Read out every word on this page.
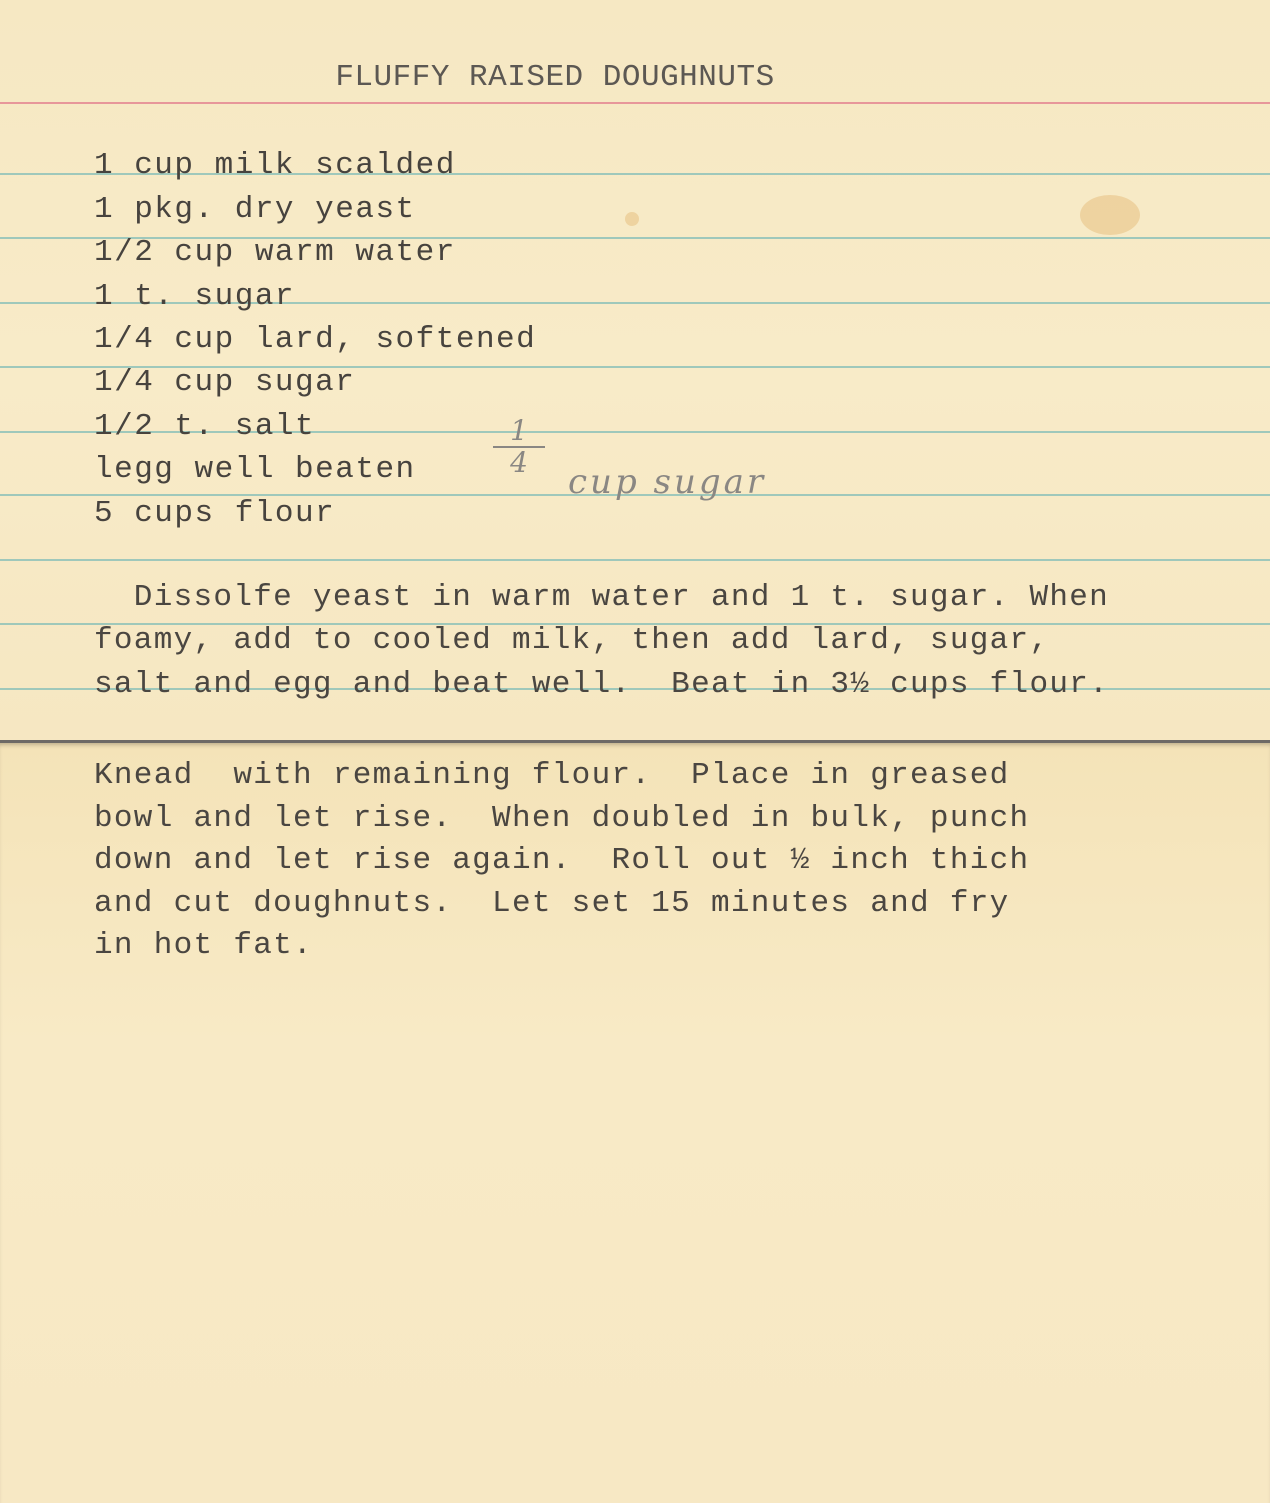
FLUFFY RAISED DOUGHNUTS
1 cup milk scalded
1 pkg. dry yeast
1/2 cup warm water
1 t. sugar
1/4 cup lard, softened
1/4 cup sugar
1/2 t. salt
legg well beaten
5 cups flour
1
4	cup sugar
Dissolfe yeast in warm water and 1 t. sugar. When
foamy, add to cooled milk, then add lard, sugar,
salt and egg and beat well.  Beat in 3½ cups flour.
Knead  with remaining flour.  Place in greased
bowl and let rise.  When doubled in bulk, punch
down and let rise again.  Roll out ½ inch thich
and cut doughnuts.  Let set 15 minutes and fry
in hot fat.
